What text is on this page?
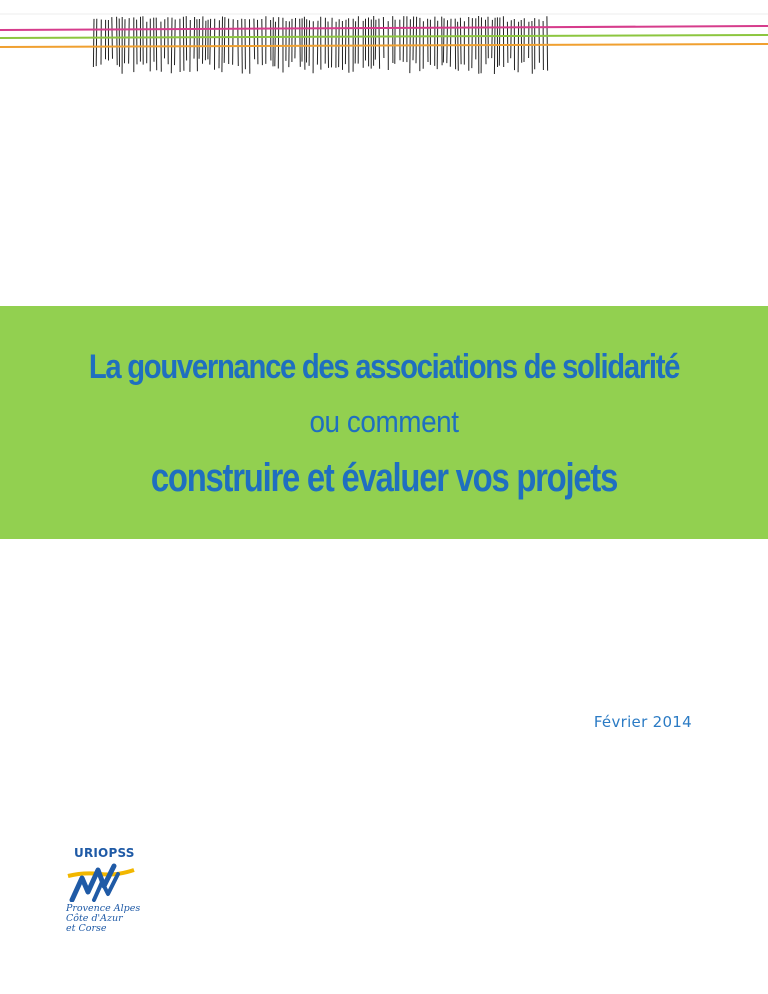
La gouvernance des associations de solidarité
ou comment
construire et évaluer vos projets
Février 2014
URIOPSS
Provence Alpes
Côte d'Azur
et Corse
